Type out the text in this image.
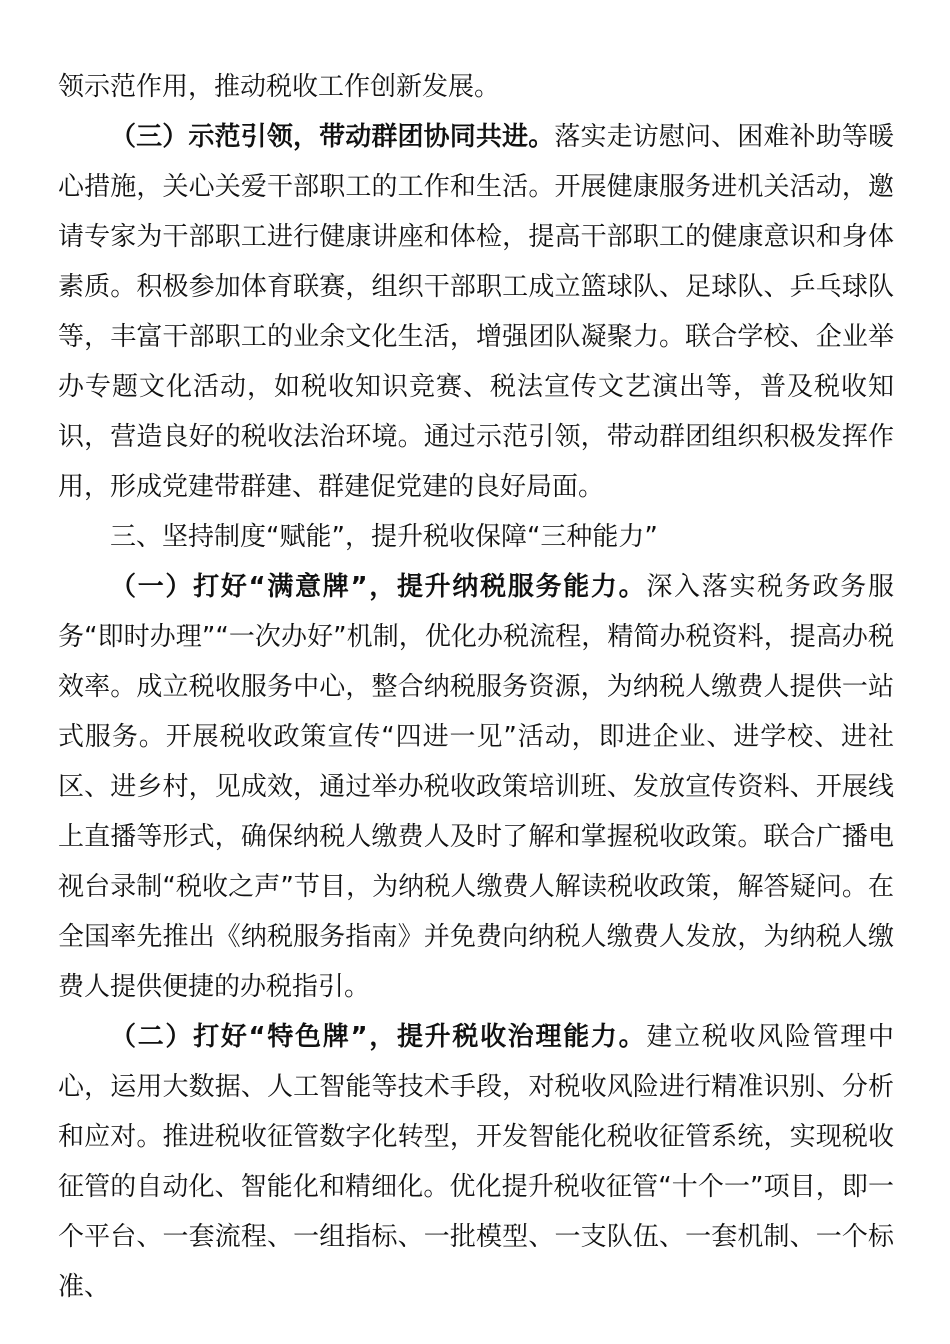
领示范作用，推动税收工作创新发展。

（三）示范引领，带动群团协同共进。落实走访慰问、困难补助等暖心措施，关心关爱干部职工的工作和生活。开展健康服务进机关活动，邀请专家为干部职工进行健康讲座和体检，提高干部职工的健康意识和身体素质。积极参加体育联赛，组织干部职工成立篮球队、足球队、乒乓球队等，丰富干部职工的业余文化生活，增强团队凝聚力。联合学校、企业举办专题文化活动，如税收知识竞赛、税法宣传文艺演出等，普及税收知识，营造良好的税收法治环境。通过示范引领，带动群团组织积极发挥作用，形成党建带群建、群建促党建的良好局面。

三、坚持制度“赋能”，提升税收保障“三种能力”

（一）打好“满意牌”，提升纳税服务能力。深入落实税务政务服务“即时办理”“一次办好”机制，优化办税流程，精简办税资料，提高办税效率。成立税收服务中心，整合纳税服务资源，为纳税人缴费人提供一站式服务。开展税收政策宣传“四进一见”活动，即进企业、进学校、进社区、进乡村，见成效，通过举办税收政策培训班、发放宣传资料、开展线上直播等形式，确保纳税人缴费人及时了解和掌握税收政策。联合广播电视台录制“税收之声”节目，为纳税人缴费人解读税收政策，解答疑问。在全国率先推出《纳税服务指南》并免费向纳税人缴费人发放，为纳税人缴费人提供便捷的办税指引。

（二）打好“特色牌”，提升税收治理能力。建立税收风险管理中心，运用大数据、人工智能等技术手段，对税收风险进行精准识别、分析和应对。推进税收征管数字化转型，开发智能化税收征管系统，实现税收征管的自动化、智能化和精细化。优化提升税收征管“十个一”项目，即一个平台、一套流程、一组指标、一批模型、一支队伍、一套机制、一个标准、
